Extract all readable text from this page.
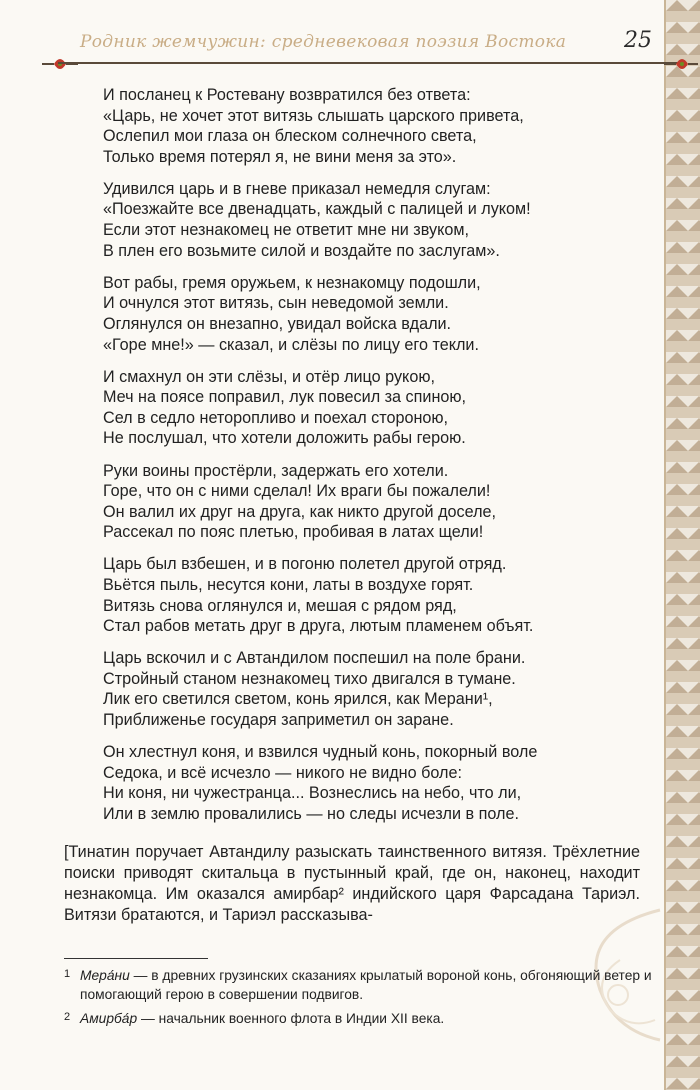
Родник жемчужин: средневековая поэзия Востока	25
И посланец к Ростевану возвратился без ответа:
«Царь, не хочет этот витязь слышать царского привета,
Ослепил мои глаза он блеском солнечного света,
Только время потерял я, не вини меня за это».
Удивился царь и в гневе приказал немедля слугам:
«Поезжайте все двенадцать, каждый с палицей и луком!
Если этот незнакомец не ответит мне ни звуком,
В плен его возьмите силой и воздайте по заслугам».
Вот рабы, гремя оружьем, к незнакомцу подошли,
И очнулся этот витязь, сын неведомой земли.
Оглянулся он внезапно, увидал войска вдали.
«Горе мне!» — сказал, и слёзы по лицу его текли.
И смахнул он эти слёзы, и отёр лицо рукою,
Меч на поясе поправил, лук повесил за спиною,
Сел в седло неторопливо и поехал стороною,
Не послушал, что хотели доложить рабы герою.
Руки воины простёрли, задержать его хотели.
Горе, что он с ними сделал! Их враги бы пожалели!
Он валил их друг на друга, как никто другой доселе,
Рассекал по пояс плетью, пробивая в латах щели!
Царь был взбешен, и в погоню полетел другой отряд.
Вьётся пыль, несутся кони, латы в воздухе горят.
Витязь снова оглянулся и, мешая с рядом ряд,
Стал рабов метать друг в друга, лютым пламенем объят.
Царь вскочил и с Автандилом поспешил на поле брани.
Стройный станом незнакомец тихо двигался в тумане.
Лик его светился светом, конь ярился, как Мерани¹,
Приближенье государя заприметил он заране.
Он хлестнул коня, и взвился чудный конь, покорный воле
Седока, и всё исчезло — никого не видно боле:
Ни коня, ни чужестранца... Вознеслись на небо, что ли,
Или в землю провалились — но следы исчезли в поле.
[Тинатин поручает Автандилу разыскать таинственного витязя. Трёхлетние поиски приводят скитальца в пустынный край, где он, наконец, находит незнакомца. Им оказался амирбар² индийского царя Фарсадана Тариэл. Витязи братаются, и Тариэл рассказыва-
1 Мера́ни — в древних грузинских сказаниях крылатый вороной конь, обгоняющий ветер и помогающий герою в совершении подвигов.
2 Амирба́р — начальник военного флота в Индии XII века.
